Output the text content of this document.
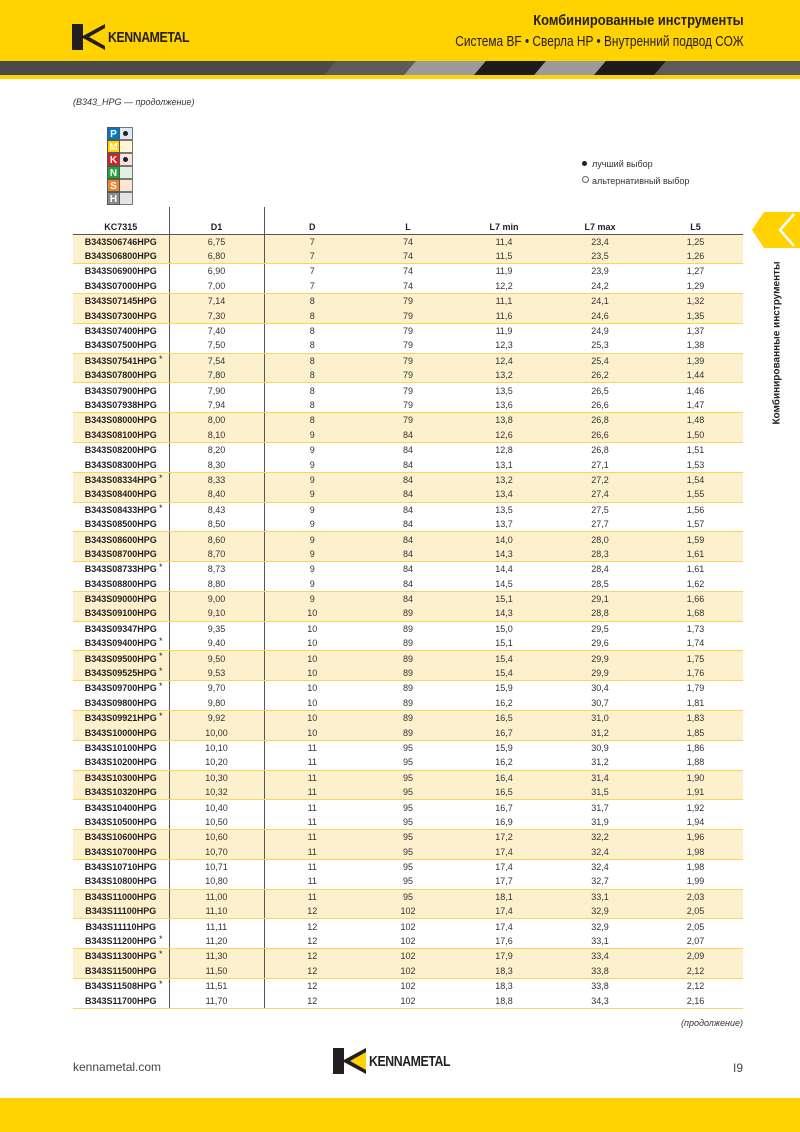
KENNAMETAL
Комбинированные инструменты
Система BF • Сверла HP • Внутренний подвод СОЖ
(B343_HPG — продолжение)
P
M
K
N
S
H
лучший выбор
альтернативный выбор
KC7315	D1	D	L	L7 min	L7 max	L5
B343S06746HPG	6,75	7	74	11,4	23,4	1,25
B343S06800HPG	6,80	7	74	11,5	23,5	1,26
B343S06900HPG	6,90	7	74	11,9	23,9	1,27
B343S07000HPG	7,00	7	74	12,2	24,2	1,29
B343S07145HPG	7,14	8	79	11,1	24,1	1,32
B343S07300HPG	7,30	8	79	11,6	24,6	1,35
B343S07400HPG	7,40	8	79	11,9	24,9	1,37
B343S07500HPG	7,50	8	79	12,3	25,3	1,38
B343S07541HPG *	7,54	8	79	12,4	25,4	1,39
B343S07800HPG	7,80	8	79	13,2	26,2	1,44
B343S07900HPG	7,90	8	79	13,5	26,5	1,46
B343S07938HPG	7,94	8	79	13,6	26,6	1,47
B343S08000HPG	8,00	8	79	13,8	26,8	1,48
B343S08100HPG	8,10	9	84	12,6	26,6	1,50
B343S08200HPG	8,20	9	84	12,8	26,8	1,51
B343S08300HPG	8,30	9	84	13,1	27,1	1,53
B343S08334HPG *	8,33	9	84	13,2	27,2	1,54
B343S08400HPG	8,40	9	84	13,4	27,4	1,55
B343S08433HPG *	8,43	9	84	13,5	27,5	1,56
B343S08500HPG	8,50	9	84	13,7	27,7	1,57
B343S08600HPG	8,60	9	84	14,0	28,0	1,59
B343S08700HPG	8,70	9	84	14,3	28,3	1,61
B343S08733HPG *	8,73	9	84	14,4	28,4	1,61
B343S08800HPG	8,80	9	84	14,5	28,5	1,62
B343S09000HPG	9,00	9	84	15,1	29,1	1,66
B343S09100HPG	9,10	10	89	14,3	28,8	1,68
B343S09347HPG	9,35	10	89	15,0	29,5	1,73
B343S09400HPG *	9,40	10	89	15,1	29,6	1,74
B343S09500HPG *	9,50	10	89	15,4	29,9	1,75
B343S09525HPG *	9,53	10	89	15,4	29,9	1,76
B343S09700HPG *	9,70	10	89	15,9	30,4	1,79
B343S09800HPG	9,80	10	89	16,2	30,7	1,81
B343S09921HPG *	9,92	10	89	16,5	31,0	1,83
B343S10000HPG	10,00	10	89	16,7	31,2	1,85
B343S10100HPG	10,10	11	95	15,9	30,9	1,86
B343S10200HPG	10,20	11	95	16,2	31,2	1,88
B343S10300HPG	10,30	11	95	16,4	31,4	1,90
B343S10320HPG	10,32	11	95	16,5	31,5	1,91
B343S10400HPG	10,40	11	95	16,7	31,7	1,92
B343S10500HPG	10,50	11	95	16,9	31,9	1,94
B343S10600HPG	10,60	11	95	17,2	32,2	1,96
B343S10700HPG	10,70	11	95	17,4	32,4	1,98
B343S10710HPG	10,71	11	95	17,4	32,4	1,98
B343S10800HPG	10,80	11	95	17,7	32,7	1,99
B343S11000HPG	11,00	11	95	18,1	33,1	2,03
B343S11100HPG	11,10	12	102	17,4	32,9	2,05
B343S11110HPG	11,11	12	102	17,4	32,9	2,05
B343S11200HPG *	11,20	12	102	17,6	33,1	2,07
B343S11300HPG *	11,30	12	102	17,9	33,4	2,09
B343S11500HPG	11,50	12	102	18,3	33,8	2,12
B343S11508HPG *	11,51	12	102	18,3	33,8	2,12
B343S11700HPG	11,70	12	102	18,8	34,3	2,16
(продолжение)
Комбинированные инструменты
kennametal.com	KENNAMETAL	I9
